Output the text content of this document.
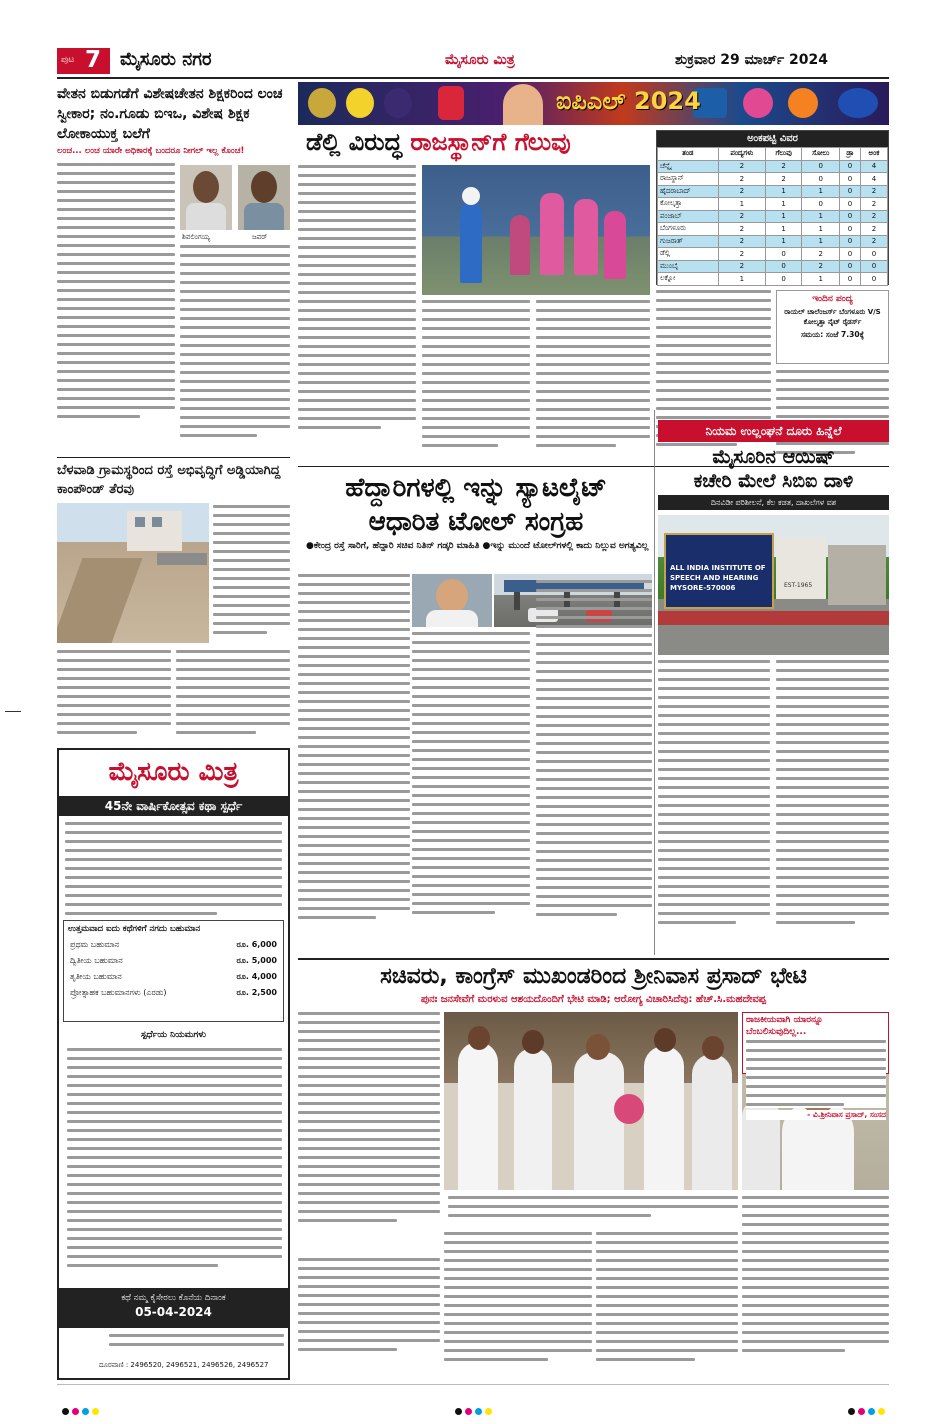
ಪುಟ 7 ಮೈಸೂರು ನಗರ	ಮೈಸೂರು ಮಿತ್ರ	ಶುಕ್ರವಾರ 29 ಮಾರ್ಚ್ 2024
ವೇತನ ಬಿಡುಗಡೆಗೆ ವಿಶೇಷಚೇತನ ಶಿಕ್ಷಕರಿಂದ ಲಂಚ ಸ್ವೀಕಾರ; ನಂ.ಗೂಡು ಬಿಇಒ, ವಿಶೇಷ ಶಿಕ್ಷಕ ಲೋಕಾಯುಕ್ತ ಬಲೆಗೆ
ಲಂಚ... ಲಂಚ ಯಾರೇ ಅಧಿಕಾರಕ್ಕೆ ಬಂದರೂ ನೀಗಲ್ ಇಲ್ಲ ಕೊಂಚ!
ಶಿವಲಿಂಗಯ್ಯ	ಜವರ್
ಬೆಳವಾಡಿ ಗ್ರಾಮಸ್ಥರಿಂದ ರಸ್ತೆ ಅಭಿವೃದ್ಧಿಗೆ ಅಡ್ಡಿಯಾಗಿದ್ದ ಕಾಂಪೌಂಡ್ ತೆರವು
ಮೈಸೂರು ಮಿತ್ರ
45ನೇ ವಾರ್ಷಿಕೋತ್ಸವ ಕಥಾ ಸ್ಪರ್ಧೆ
ಉತ್ತಮವಾದ ಐದು ಕಥೆಗಳಿಗೆ ನಗದು ಬಹುಮಾನ
ಪ್ರಥಮ ಬಹುಮಾನ	ರೂ. 6,000
ದ್ವಿತೀಯ ಬಹುಮಾನ	ರೂ. 5,000
ತೃತೀಯ ಬಹುಮಾನ	ರೂ. 4,000
ಪ್ರೋತ್ಸಾಹಕ ಬಹುಮಾನಗಳು (ಎರಡು)	ರೂ. 2,500
ಸ್ಪರ್ಧೆಯ ನಿಯಮಗಳು
ಕಥೆ ನಮ್ಮ ಕೈಸೇರಲು ಕೊನೆಯ ದಿನಾಂಕ
05-04-2024
ದೂರವಾಣಿ : 2496520, 2496521, 2496526, 2496527
ಐಪಿಎಲ್ 2024
ಡೆಲ್ಲಿ ವಿರುದ್ಧ ರಾಜಸ್ಥಾನ್‌ಗೆ ಗೆಲುವು	ಅಂಕಪಟ್ಟಿ ವಿವರ
ತಂಡ	ಪಂದ್ಯಗಳು	ಗೆಲುವು	ಸೋಲು	ಡ್ರಾ	ಅಂಕ
ಚೆನ್ನೈ	2	2	0	0	4
ರಾಜಸ್ಥಾನ್	2	2	0	0	4
ಹೈದರಾಬಾದ್	2	1	1	0	2
ಕೋಲ್ಕತ್ತಾ	1	1	0	0	2
ಪಂಜಾಬ್	2	1	1	0	2
ಬೆಂಗಳೂರು	2	1	1	0	2
ಗುಜರಾತ್	2	1	1	0	2
ಡೆಲ್ಲಿ	2	0	2	0	0
ಮುಂಬೈ	2	0	2	0	0
ಲಕ್ನೋ	1	0	1	0	0
ಇಂದಿನ ಪಂದ್ಯ
ರಾಯಲ್ ಚಾಲೆಂಜರ್ಸ್ ಬೆಂಗಳೂರು V/S ಕೋಲ್ಕತ್ತಾ ನೈಟ್ ರೈಡರ್ಸ್
ಸಮಯ: ಸಂಜೆ 7.30ಕ್ಕೆ
ಹೆದ್ದಾರಿಗಳಲ್ಲಿ ಇನ್ನು ಸ್ಯಾಟಲೈಟ್
ಆಧಾರಿತ ಟೋಲ್ ಸಂಗ್ರಹ
●ಕೇಂದ್ರ ರಸ್ತೆ ಸಾರಿಗೆ, ಹೆದ್ದಾರಿ ಸಚಿವ ನಿತಿನ್ ಗಡ್ಕರಿ ಮಾಹಿತಿ ●ಇನ್ನು ಮುಂದೆ ಟೋಲ್‌ಗಳಲ್ಲಿ ಕಾದು ನಿಲ್ಲುವ ಅಗತ್ಯವಿಲ್ಲ
ನಿಯಮ ಉಲ್ಲಂಘನೆ ದೂರು ಹಿನ್ನೆಲೆ
ಮೈಸೂರಿನ ಆಯಿಷ್
ಕಚೇರಿ ಮೇಲೆ ಸಿಬಿಐ ದಾಳಿ
ದಿನವಿಡೀ ಪರಿಶೀಲನೆ, ಕೆಲ ಕಡತ, ದಾಖಲೆಗಳ ವಶ
ALL INDIA INSTITUTE OF SPEECH AND HEARING MYSORE-570006	EST-1965
ಸಚಿವರು, ಕಾಂಗ್ರೆಸ್ ಮುಖಂಡರಿಂದ ಶ್ರೀನಿವಾಸ ಪ್ರಸಾದ್ ಭೇಟಿ
ಪುನಃ ಜನಸೇವೆಗೆ ಮರಳುವ ಆಶಯದೊಂದಿಗೆ ಭೇಟಿ ಮಾಡಿ; ಆರೋಗ್ಯ ವಿಚಾರಿಸಿದೆವು: ಹೆಚ್.ಸಿ.ಮಹದೇವಪ್ಪ
ರಾಜಕೀಯವಾಗಿ ಯಾರನ್ನೂ ಬೆಂಬಲಿಸುವುದಿಲ್ಲ...
- ವಿ.ಶ್ರೀನಿವಾಸ ಪ್ರಸಾದ್, ಸಂಸದ
